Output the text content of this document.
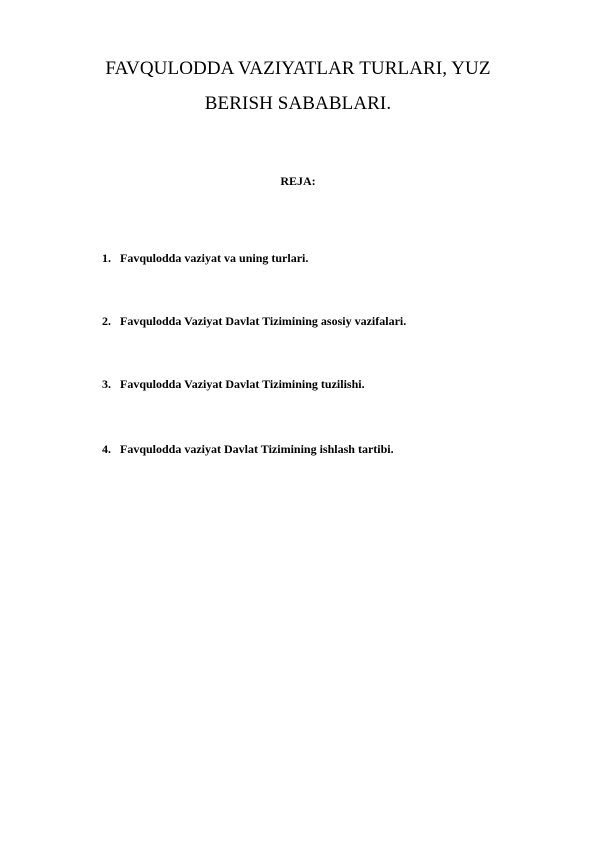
FAVQULODDA VAZIYATLAR TURLARI, YUZ
BERISH SABABLARI.
REJA:
1. Favqulodda vaziyat va uning turlari.
2. Favqulodda Vaziyat Davlat Tizimining asosiy vazifalari.
3. Favqulodda Vaziyat Davlat Tizimining tuzilishi.
4. Favqulodda vaziyat Davlat Tizimining ishlash tartibi.
